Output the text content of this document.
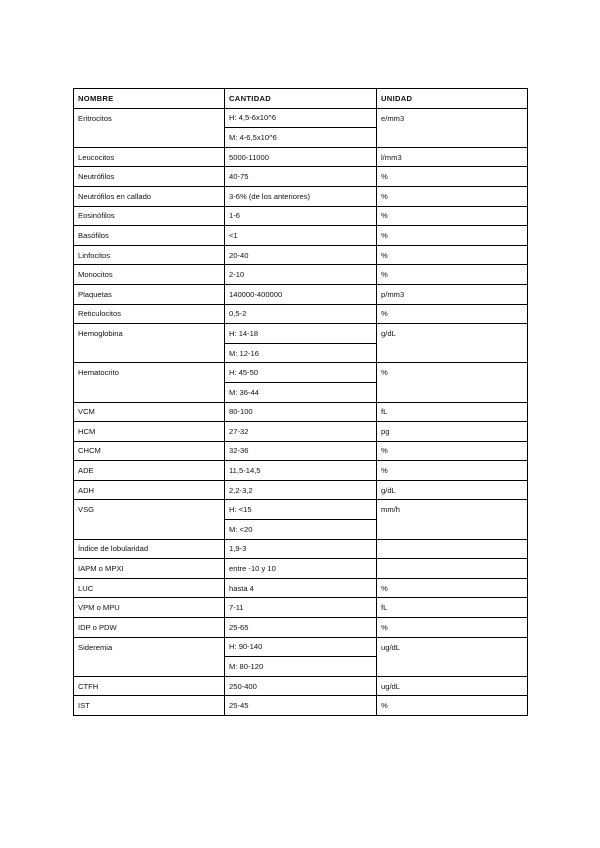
NOMBRE	CANTIDAD	UNIDAD
Eritrocitos	H: 4,5-6x10^6	e/mm3
	M: 4-6,5x10^6	
Leucocitos	5000-11000	l/mm3
Neutrófilos	40-75	%
Neutrófilos en callado	3-6% (de los anteriores)	%
Eosinófilos	1-6	%
Basófilos	<1	%
Linfocitos	20-40	%
Monocitos	2-10	%
Plaquetas	140000-400000	p/mm3
Reticulocitos	0,5-2	%
Hemoglobina	H: 14-18	g/dL
	M: 12-16	
Hematocrito	H: 45-50	%
	M: 36-44	
VCM	80-100	fL
HCM	27-32	pg
CHCM	32-36	%
ADE	11,5-14,5	%
ADH	2,2-3,2	g/dL
VSG	H: <15	mm/h
	M: <20	
Índice de lobularidad	1,9-3	
IAPM o MPXI	entre -10 y 10	
LUC	hasta 4	%
VPM o MPU	7-11	fL
IDP o PDW	25-65	%
Sideremia	H: 90-140	ug/dL
	M: 80-120	
CTFH	250-400	ug/dL
IST	25-45	%
